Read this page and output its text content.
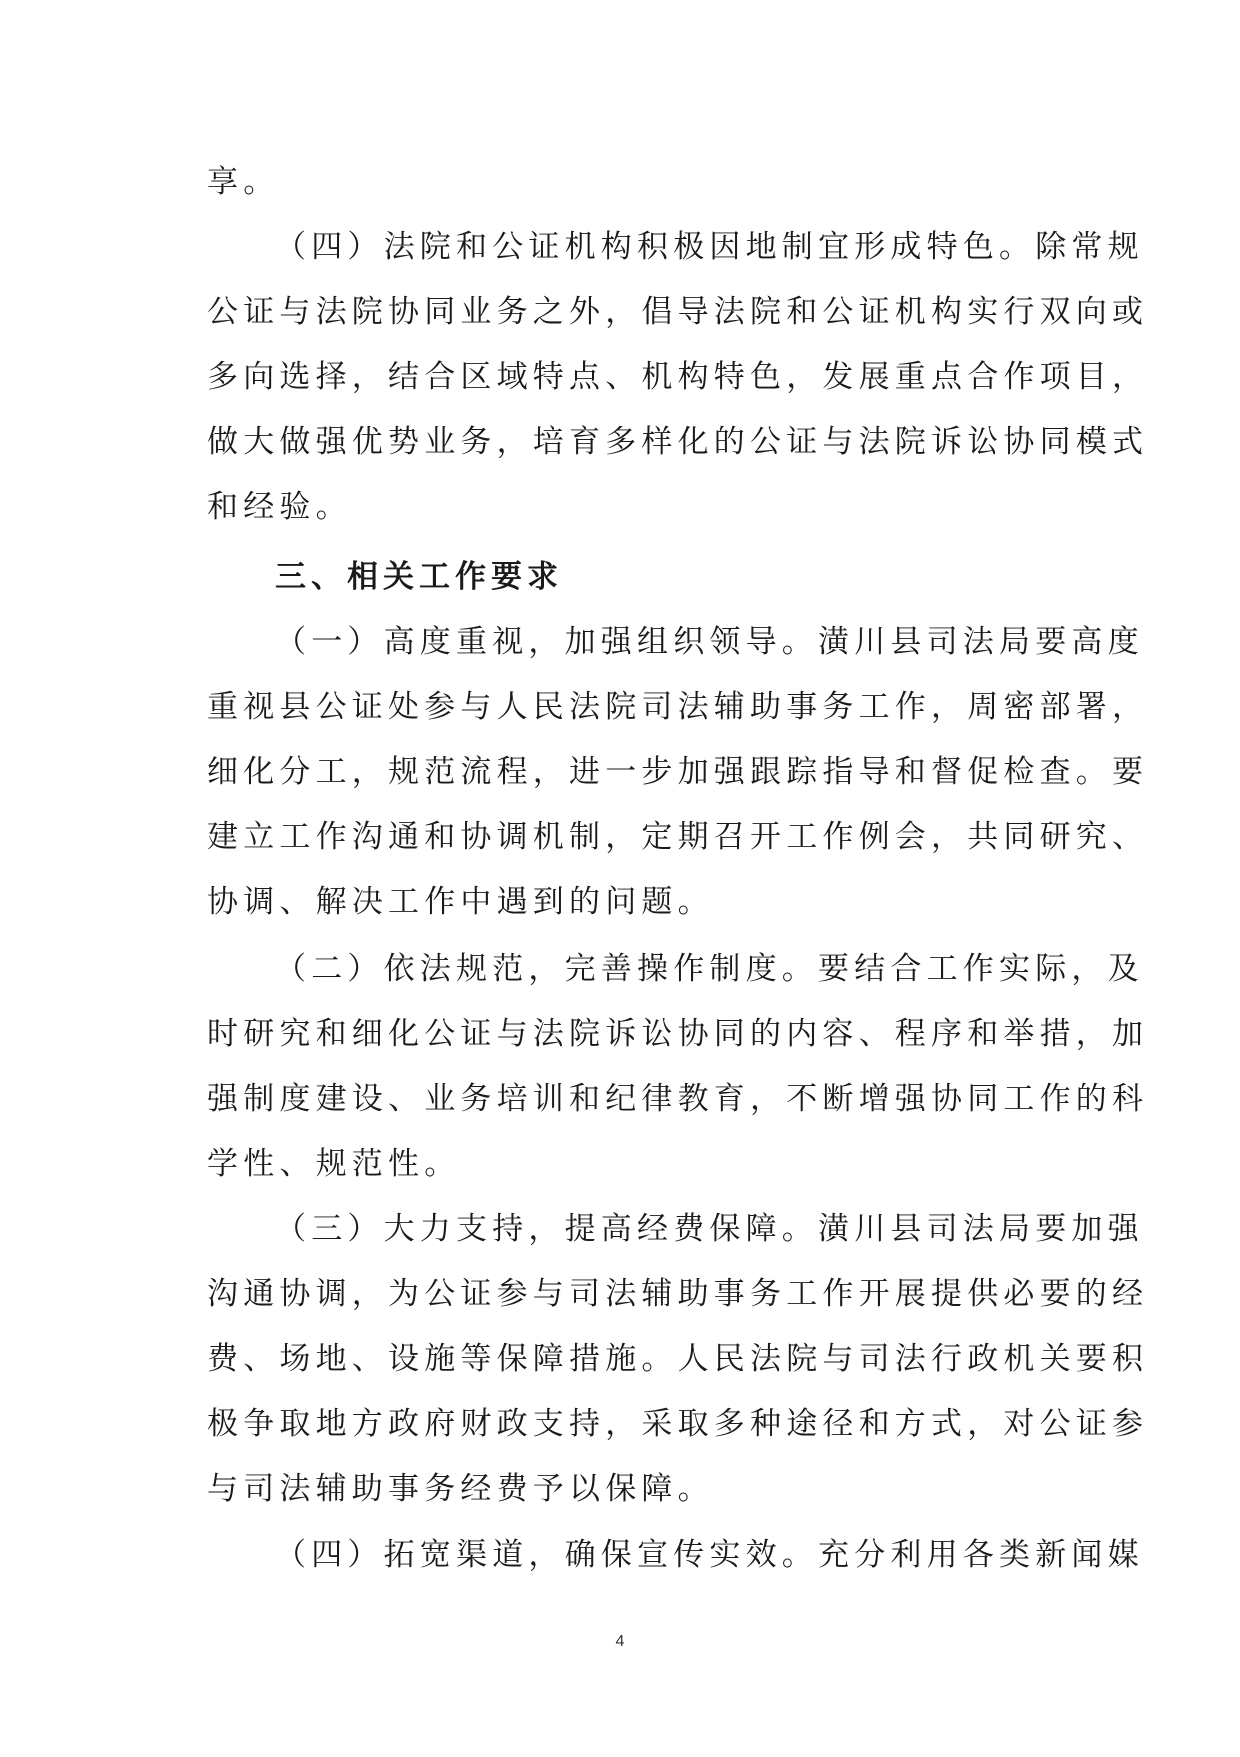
享。
（四）法院和公证机构积极因地制宜形成特色。除常规
公证与法院协同业务之外，倡导法院和公证机构实行双向或
多向选择，结合区域特点、机构特色，发展重点合作项目，
做大做强优势业务，培育多样化的公证与法院诉讼协同模式
和经验。
三、相关工作要求
（一）高度重视，加强组织领导。潢川县司法局要高度
重视县公证处参与人民法院司法辅助事务工作，周密部署，
细化分工，规范流程，进一步加强跟踪指导和督促检查。要
建立工作沟通和协调机制，定期召开工作例会，共同研究、
协调、解决工作中遇到的问题。
（二）依法规范，完善操作制度。要结合工作实际，及
时研究和细化公证与法院诉讼协同的内容、程序和举措，加
强制度建设、业务培训和纪律教育，不断增强协同工作的科
学性、规范性。
（三）大力支持，提高经费保障。潢川县司法局要加强
沟通协调，为公证参与司法辅助事务工作开展提供必要的经
费、场地、设施等保障措施。人民法院与司法行政机关要积
极争取地方政府财政支持，采取多种途径和方式，对公证参
与司法辅助事务经费予以保障。
（四）拓宽渠道，确保宣传实效。充分利用各类新闻媒
4
